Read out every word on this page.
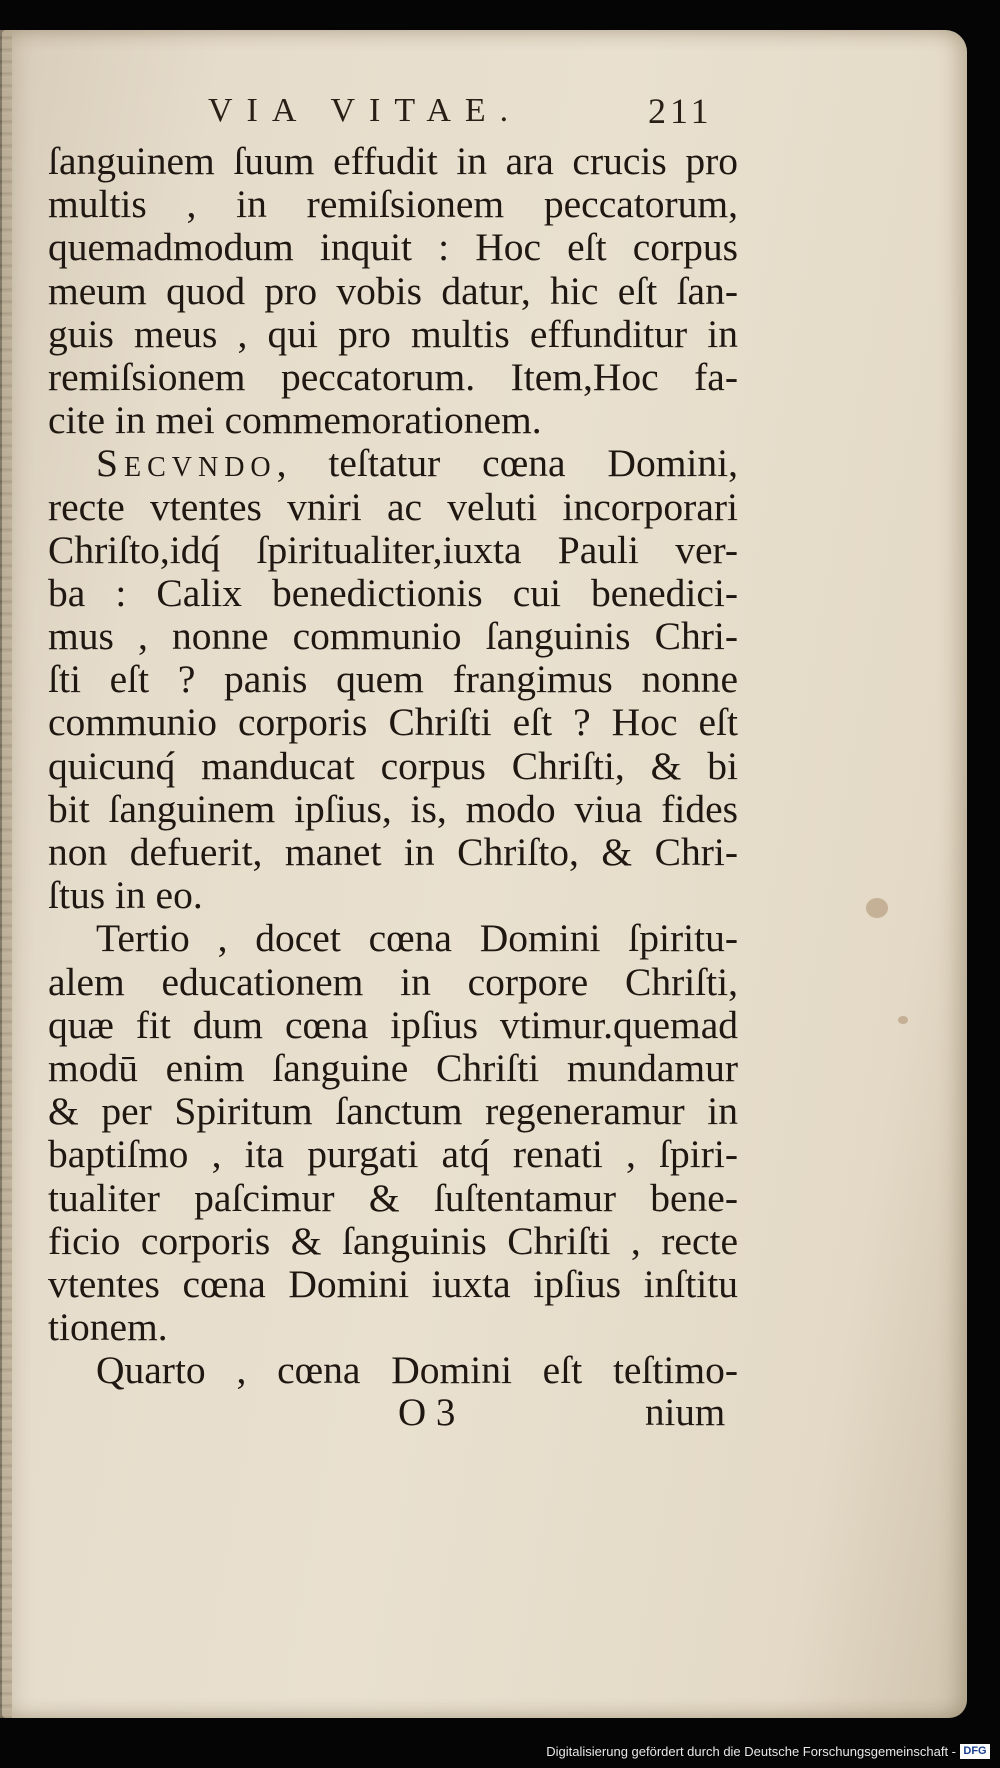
VIA VITAE.	211
ſanguinem ſuum effudit in ara crucis pro
multis , in remiſsionem peccatorum,
quemadmodum inquit : Hoc eſt corpus
meum quod pro vobis datur, hic eſt ſan-
guis meus , qui pro multis effunditur in
remiſsionem peccatorum. Item,Hoc fa-
cite in mei commemorationem.
Secvndo, teſtatur cœna Domini,
recte vtentes vniri ac veluti incorporari
Chriſto,idq́ ſpiritualiter,iuxta Pauli ver-
ba : Calix benedictionis cui benedici-
mus , nonne communio ſanguinis Chri-
ſti eſt ? panis quem frangimus nonne
communio corporis Chriſti eſt ? Hoc eſt
quicunq́ manducat corpus Chriſti, & bi
bit ſanguinem ipſius, is, modo viua fides
non defuerit, manet in Chriſto, & Chri-
ſtus in eo.
Tertio , docet cœna Domini ſpiritu-
alem educationem in corpore Chriſti,
quæ fit dum cœna ipſius vtimur.quemad
modū enim ſanguine Chriſti mundamur
& per Spiritum ſanctum regeneramur in
baptiſmo , ita purgati atq́ renati , ſpiri-
tualiter paſcimur & ſuſtentamur bene-
ficio corporis & ſanguinis Chriſti , recte
vtentes cœna Domini iuxta ipſius inſtitu
tionem.
Quarto , cœna Domini eſt teſtimo-
O 3	nium
Digitalisierung gefördert durch die Deutsche Forschungsgemeinschaft - DFG
